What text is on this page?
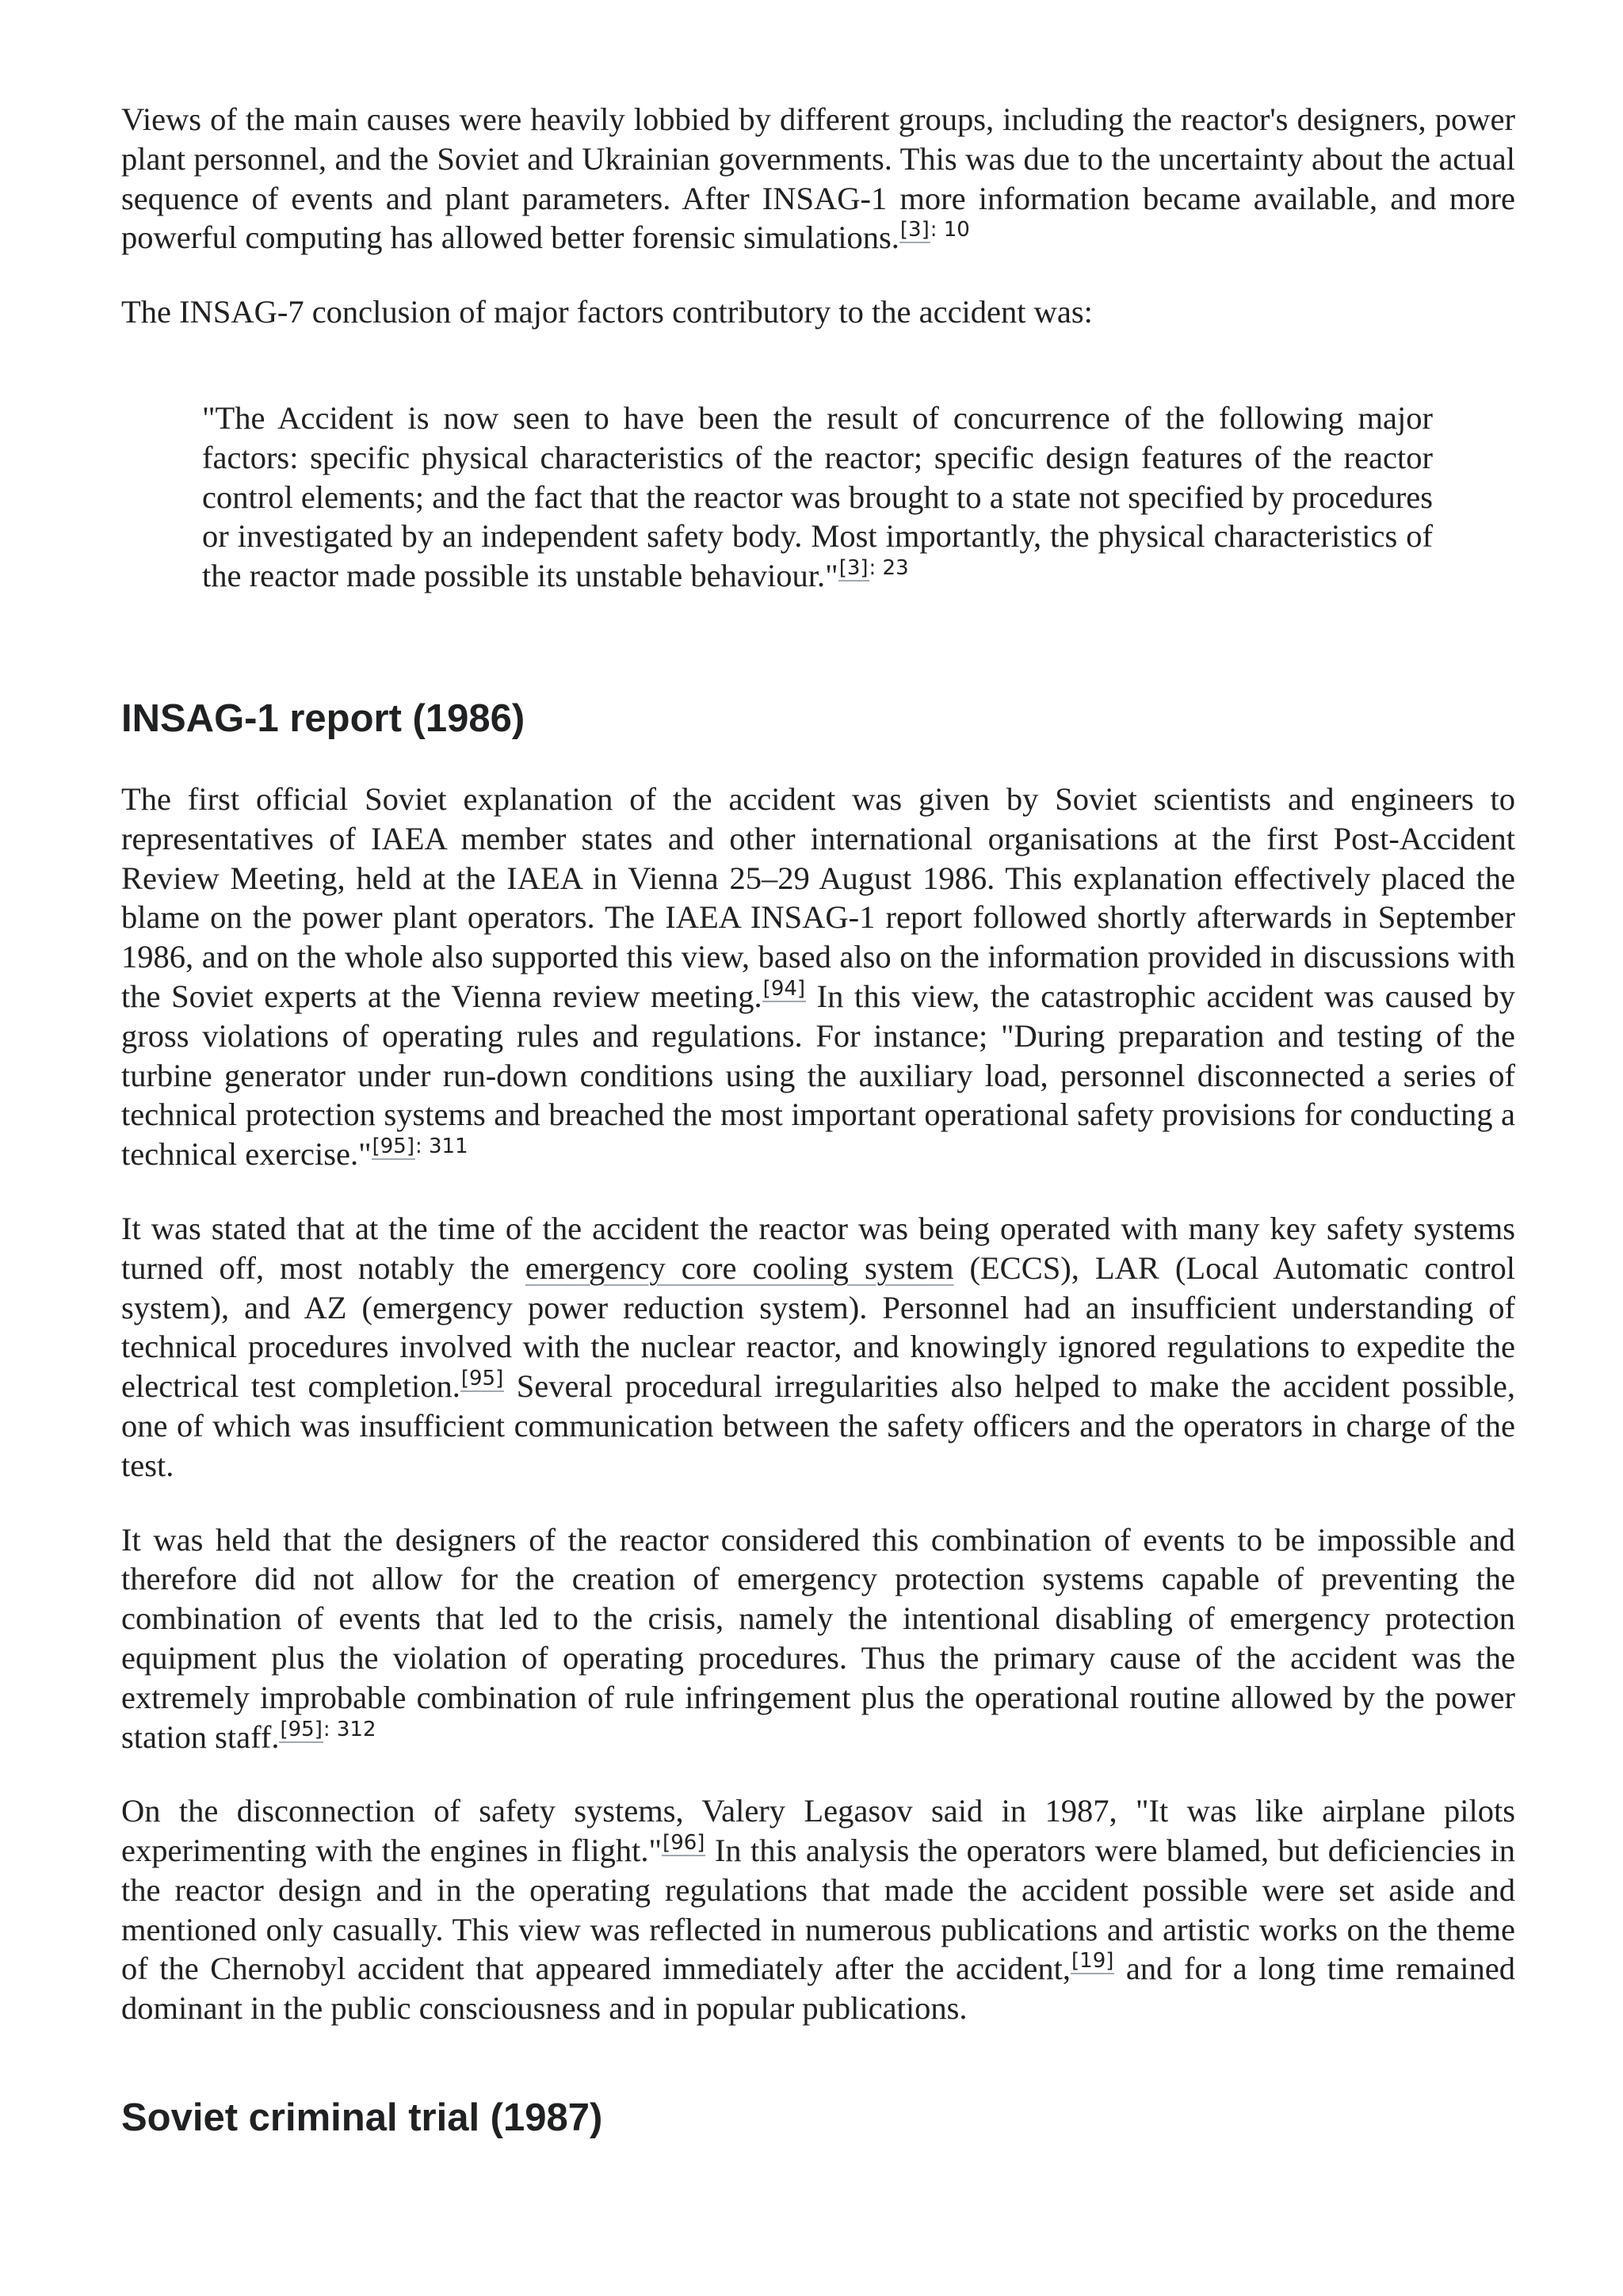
Views of the main causes were heavily lobbied by different groups, including the reactor's designers, power plant personnel, and the Soviet and Ukrainian governments. This was due to the uncertainty about the actual sequence of events and plant parameters. After INSAG-1 more information became available, and more powerful computing has allowed better forensic simulations.$^{[3]: 10}$

The INSAG-7 conclusion of major factors contributory to the accident was:

"The Accident is now seen to have been the result of concurrence of the following major factors: specific physical characteristics of the reactor; specific design features of the reactor control elements; and the fact that the reactor was brought to a state not specified by procedures or investigated by an independent safety body. Most importantly, the physical characteristics of the reactor made possible its unstable behaviour."$^{[3]: 23}$

INSAG-1 report (1986)

The first official Soviet explanation of the accident was given by Soviet scientists and engineers to representatives of IAEA member states and other international organisations at the first Post-Accident Review Meeting, held at the IAEA in Vienna 25–29 August 1986. This explanation effectively placed the blame on the power plant operators. The IAEA INSAG-1 report followed shortly afterwards in September 1986, and on the whole also supported this view, based also on the information provided in discussions with the Soviet experts at the Vienna review meeting.[94] In this view, the catastrophic accident was caused by gross violations of operating rules and regulations. For instance; "During preparation and testing of the turbine generator under run-down conditions using the auxiliary load, personnel disconnected a series of technical protection systems and breached the most important operational safety provisions for conducting a technical exercise."$^{[95]: 311}$

It was stated that at the time of the accident the reactor was being operated with many key safety systems turned off, most notably the emergency core cooling system (ECCS), LAR (Local Automatic control system), and AZ (emergency power reduction system). Personnel had an insufficient understanding of technical procedures involved with the nuclear reactor, and knowingly ignored regulations to expedite the electrical test completion.[95] Several procedural irregularities also helped to make the accident possible, one of which was insufficient communication between the safety officers and the operators in charge of the test.

It was held that the designers of the reactor considered this combination of events to be impossible and therefore did not allow for the creation of emergency protection systems capable of preventing the combination of events that led to the crisis, namely the intentional disabling of emergency protection equipment plus the violation of operating procedures. Thus the primary cause of the accident was the extremely improbable combination of rule infringement plus the operational routine allowed by the power station staff.$^{[95]: 312}$

On the disconnection of safety systems, Valery Legasov said in 1987, "It was like airplane pilots experimenting with the engines in flight."[96] In this analysis the operators were blamed, but deficiencies in the reactor design and in the operating regulations that made the accident possible were set aside and mentioned only casually. This view was reflected in numerous publications and artistic works on the theme of the Chernobyl accident that appeared immediately after the accident,[19] and for a long time remained dominant in the public consciousness and in popular publications.

Soviet criminal trial (1987)
